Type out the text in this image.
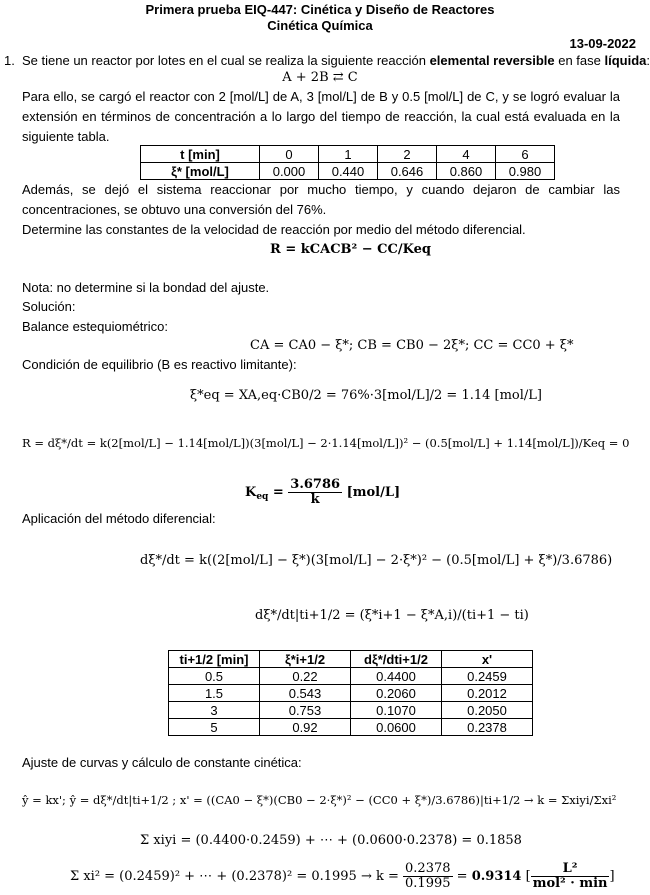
Primera prueba EIQ-447: Cinética y Diseño de Reactores
Cinética Química
13-09-2022
1. Se tiene un reactor por lotes en el cual se realiza la siguiente reacción elemental reversible en fase líquida:
A + 2B ⇄ C
Para ello, se cargó el reactor con 2 [mol/L] de A, 3 [mol/L] de B y 0.5 [mol/L] de C, y se logró evaluar la extensión en términos de concentración a lo largo del tiempo de reacción, la cual está evaluada en la siguiente tabla.
t [min]	0	1	2	4	6
ξ* [mol/L]	0.000	0.440	0.646	0.860	0.980
Además, se dejó el sistema reaccionar por mucho tiempo, y cuando dejaron de cambiar las concentraciones, se obtuvo una conversión del 76%.
Determine las constantes de la velocidad de reacción por medio del método diferencial.
R = kCACB² − CC/Keq
Nota: no determine si la bondad del ajuste.
Solución:
Balance estequiométrico:
CA = CA0 − ξ*; CB = CB0 − 2ξ*; CC = CC0 + ξ*
Condición de equilibrio (B es reactivo limitante):
ξ*eq = XA,eq·CB0/2 = 76%·3[mol/L]/2 = 1.14 [mol/L]
R = dξ*/dt = k(2[mol/L] − 1.14[mol/L])(3[mol/L] − 2·1.14[mol/L])² − (0.5[mol/L] + 1.14[mol/L])/Keq = 0
$K_{eq} = \frac{3.6786}{k} [mol/L]$
Aplicación del método diferencial:
dξ*/dt = k((2[mol/L] − ξ*)(3[mol/L] − 2·ξ*)² − (0.5[mol/L] + ξ*)/3.6786)
dξ*/dt|ti+1/2 = (ξ*i+1 − ξ*A,i)/(ti+1 − ti)
ti+1/2 [min]	ξ*i+1/2	dξ*/dti+1/2	x'
0.5	0.22	0.4400	0.2459
1.5	0.543	0.2060	0.2012
3	0.753	0.1070	0.2050
5	0.92	0.0600	0.2378
Ajuste de curvas y cálculo de constante cinética:
ŷ = kx'; ŷ = dξ*/dt|ti+1/2 ; x' = ((CA0 − ξ*)(CB0 − 2·ξ*)² − (CC0 + ξ*)/3.6786)|ti+1/2 → k = Σxiyi/Σxi²
Σ xiyi = (0.4400·0.2459) + ⋯ + (0.0600·0.2378) = 0.1858
Σ xi² = (0.2459)² + ⋯ + $(0.2378)^2 = 0.1995 \to k = \frac{0.2378}{0.1995} = 0.9314$ [ $\frac{\text{L²}}{\text{mol² · min}}$ ]
